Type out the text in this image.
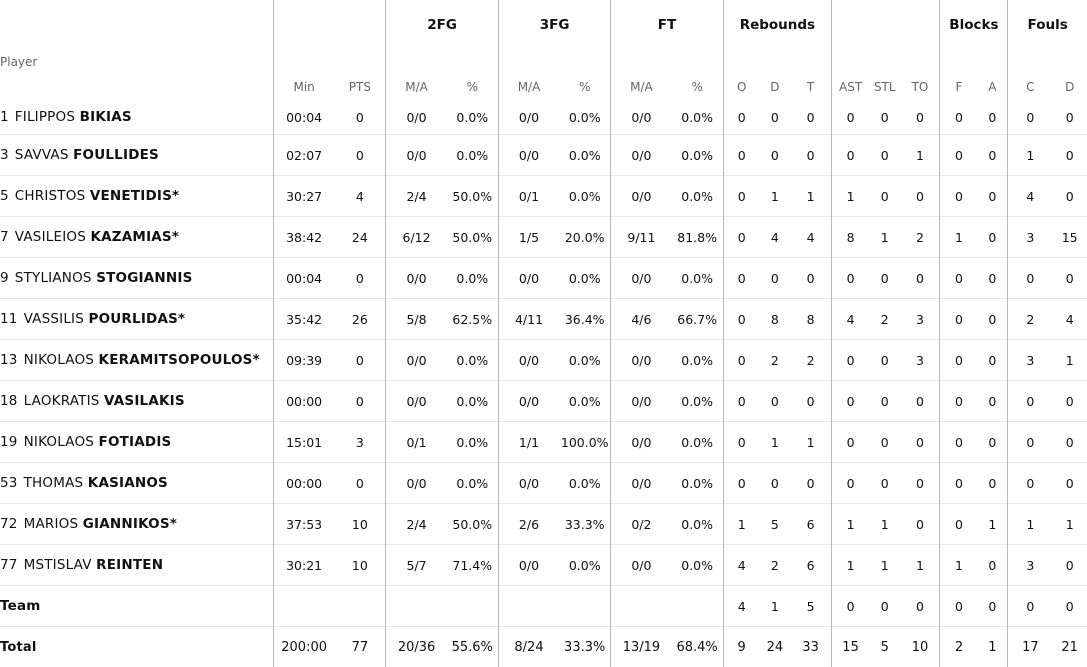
			2FG		3FG		FT		Rebounds						Blocks		Fouls	
Player	Min	PTS	M/A	%	M/A	%	M/A	%	O	D	T	AST	STL	TO	F	A	C	D
1 FILIPPOS BIKIAS	00:04	0	0/0	0.0%	0/0	0.0%	0/0	0.0%	0	0	0	0	0	0	0	0	0	0
3 SAVVAS FOULLIDES	02:07	0	0/0	0.0%	0/0	0.0%	0/0	0.0%	0	0	0	0	0	1	0	0	1	0
5 CHRISTOS VENETIDIS*	30:27	4	2/4	50.0%	0/1	0.0%	0/0	0.0%	0	1	1	1	0	0	0	0	4	0
7 VASILEIOS KAZAMIAS*	38:42	24	6/12	50.0%	1/5	20.0%	9/11	81.8%	0	4	4	8	1	2	1	0	3	15
9 STYLIANOS STOGIANNIS	00:04	0	0/0	0.0%	0/0	0.0%	0/0	0.0%	0	0	0	0	0	0	0	0	0	0
11 VASSILIS POURLIDAS*	35:42	26	5/8	62.5%	4/11	36.4%	4/6	66.7%	0	8	8	4	2	3	0	0	2	4
13 NIKOLAOS KERAMITSOPOULOS*	09:39	0	0/0	0.0%	0/0	0.0%	0/0	0.0%	0	2	2	0	0	3	0	0	3	1
18 LAOKRATIS VASILAKIS	00:00	0	0/0	0.0%	0/0	0.0%	0/0	0.0%	0	0	0	0	0	0	0	0	0	0
19 NIKOLAOS FOTIADIS	15:01	3	0/1	0.0%	1/1	100.0%	0/0	0.0%	0	1	1	0	0	0	0	0	0	0
53 THOMAS KASIANOS	00:00	0	0/0	0.0%	0/0	0.0%	0/0	0.0%	0	0	0	0	0	0	0	0	0	0
72 MARIOS GIANNIKOS*	37:53	10	2/4	50.0%	2/6	33.3%	0/2	0.0%	1	5	6	1	1	0	0	1	1	1
77 MSTISLAV REINTEN	30:21	10	5/7	71.4%	0/0	0.0%	0/0	0.0%	4	2	6	1	1	1	1	0	3	0
Team									4	1	5	0	0	0	0	0	0	0
Total	200:00	77	20/36	55.6%	8/24	33.3%	13/19	68.4%	9	24	33	15	5	10	2	1	17	21
